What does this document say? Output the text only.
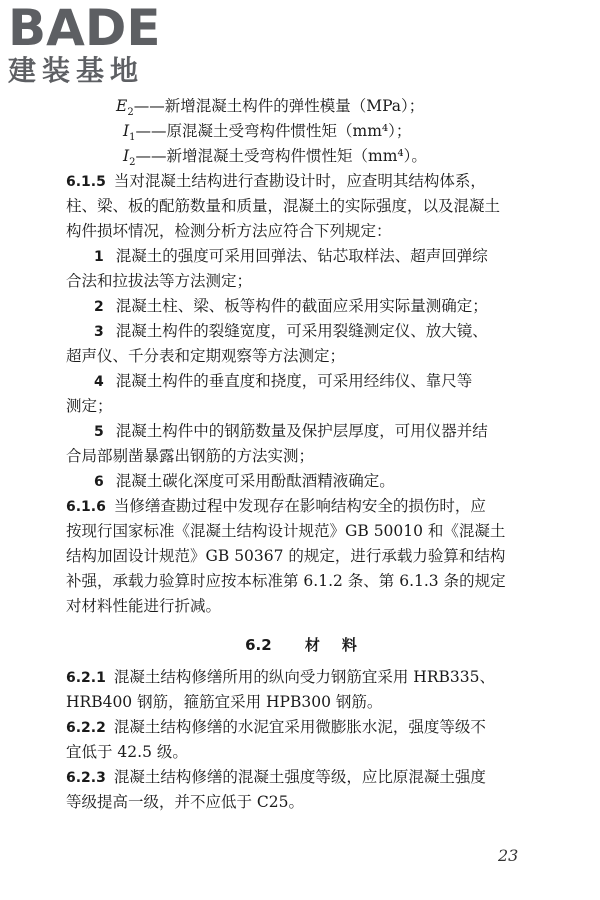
B A DE
建装基地
$E_2——$新增混凝土构件的弹性模量（MPa）；
$I_1——$原混凝土受弯构件惯性矩（mm⁴）；
$I_2——$新增混凝土受弯构件惯性矩（mm⁴）。
6.1.5 当对混凝土结构进行查勘设计时，应查明其结构体系，
柱、梁、板的配筋数量和质量，混凝土的实际强度，以及混凝土
构件损坏情况，检测分析方法应符合下列规定：
1 混凝土的强度可采用回弹法、钻芯取样法、超声回弹综
合法和拉拔法等方法测定；
2 混凝土柱、梁、板等构件的截面应采用实际量测确定；
3 混凝土构件的裂缝宽度，可采用裂缝测定仪、放大镜、
超声仪、千分表和定期观察等方法测定；
4 混凝土构件的垂直度和挠度，可采用经纬仪、靠尺等
测定；
5 混凝土构件中的钢筋数量及保护层厚度，可用仪器并结
合局部剔凿暴露出钢筋的方法实测；
6 混凝土碳化深度可采用酚酞酒精液确定。
6.1.6 当修缮查勘过程中发现存在影响结构安全的损伤时，应
按现行国家标准《混凝土结构设计规范》GB 50010 和《混凝土
结构加固设计规范》GB 50367 的规定，进行承载力验算和结构
补强，承载力验算时应按本标准第 6.1.2 条、第 6.1.3 条的规定
对材料性能进行折减。
6.2 材 料
6.2.1 混凝土结构修缮所用的纵向受力钢筋宜采用 HRB335、
HRB400 钢筋，箍筋宜采用 HPB300 钢筋。
6.2.2 混凝土结构修缮的水泥宜采用微膨胀水泥，强度等级不
宜低于 42.5 级。
6.2.3 混凝土结构修缮的混凝土强度等级，应比原混凝土强度
等级提高一级，并不应低于 C25。
23
